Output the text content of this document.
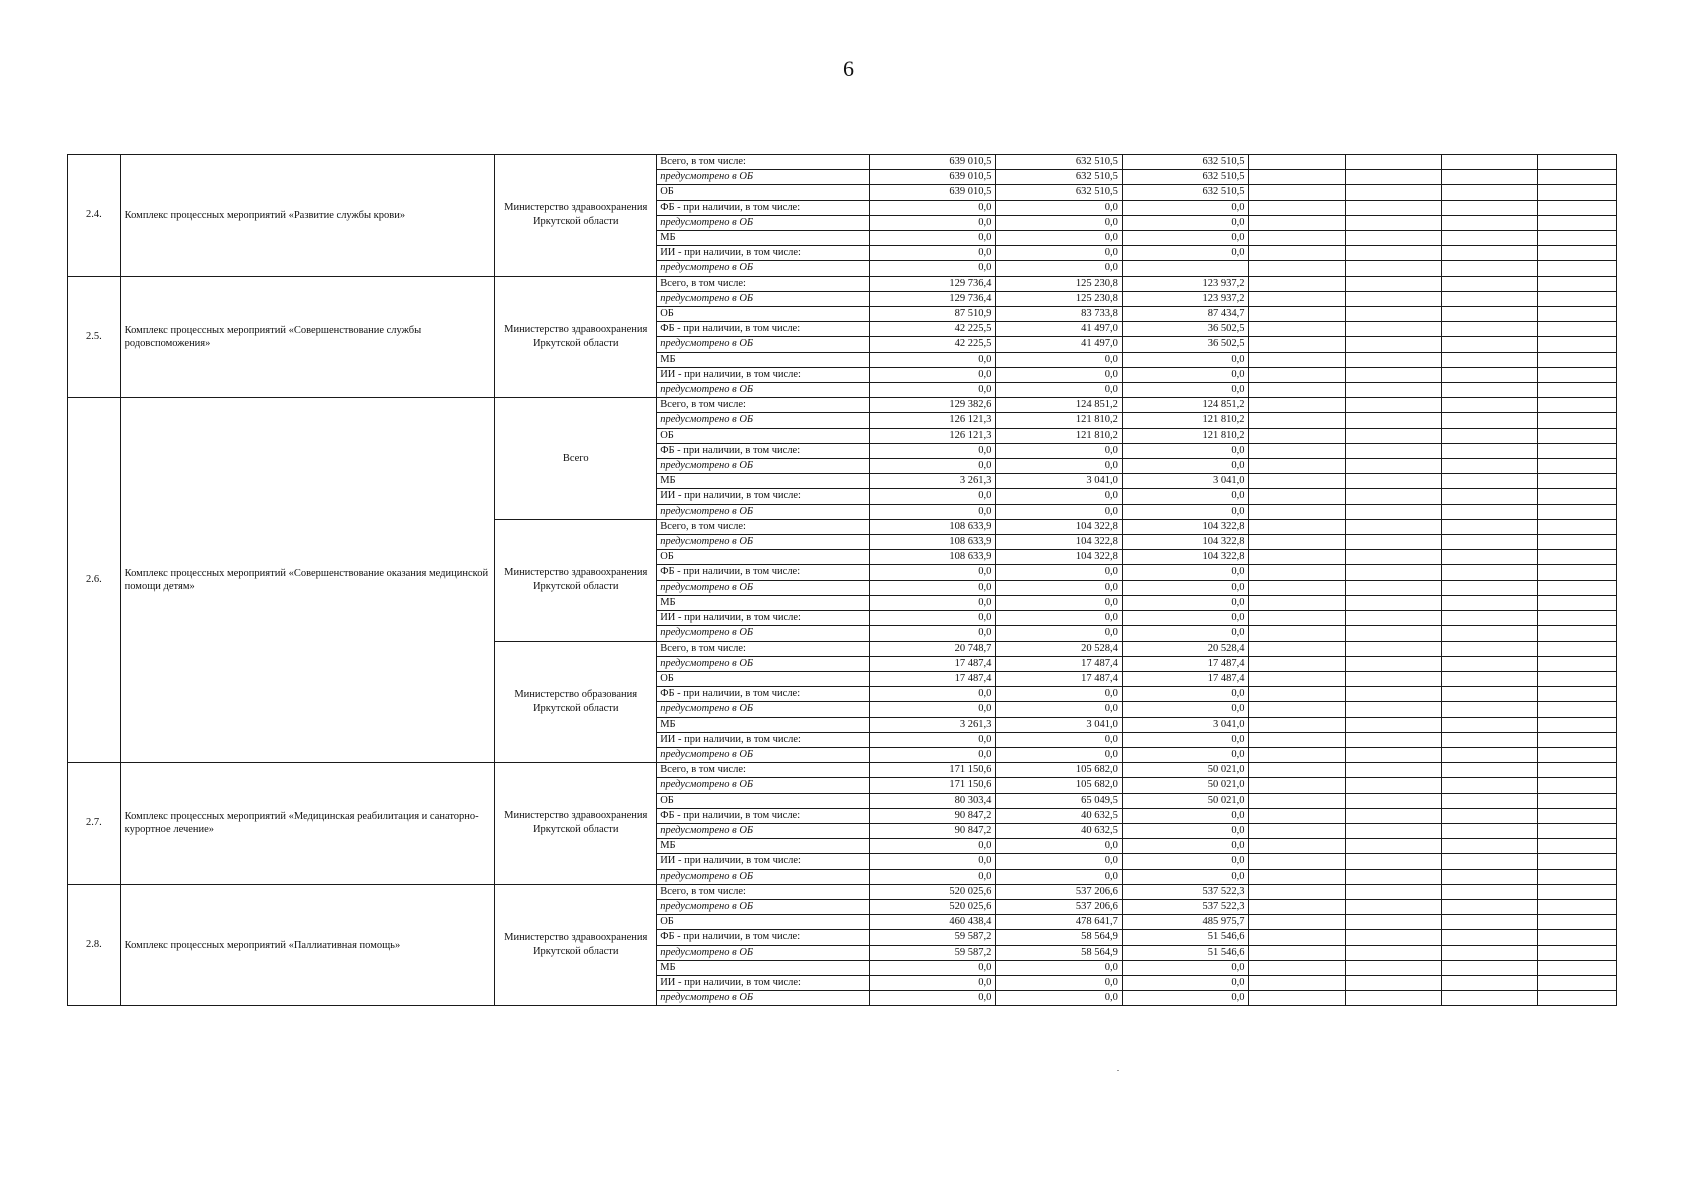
6
2.4.	Комплекс процессных мероприятий «Развитие службы крови»	Министерство здравоохранения Иркутской области	Всего, в том числе:	639 010,5	632 510,5	632 510,5				
			предусмотрено в ОБ	639 010,5	632 510,5	632 510,5				
			ОБ	639 010,5	632 510,5	632 510,5				
			ФБ - при наличии, в том числе:	0,0	0,0	0,0				
			предусмотрено в ОБ	0,0	0,0	0,0				
			МБ	0,0	0,0	0,0				
			ИИ - при наличии, в том числе:	0,0	0,0	0,0				
			предусмотрено в ОБ	0,0	0,0					
2.5.	Комплекс процессных мероприятий «Совершенствование службы родовспоможения»	Министерство здравоохранения Иркутской области	Всего, в том числе:	129 736,4	125 230,8	123 937,2				
			предусмотрено в ОБ	129 736,4	125 230,8	123 937,2				
			ОБ	87 510,9	83 733,8	87 434,7				
			ФБ - при наличии, в том числе:	42 225,5	41 497,0	36 502,5				
			предусмотрено в ОБ	42 225,5	41 497,0	36 502,5				
			МБ	0,0	0,0	0,0				
			ИИ - при наличии, в том числе:	0,0	0,0	0,0				
			предусмотрено в ОБ	0,0	0,0	0,0				
2.6.	Комплекс процессных мероприятий «Совершенствование оказания медицинской помощи детям»	Всего	Всего, в том числе:	129 382,6	124 851,2	124 851,2				
			предусмотрено в ОБ	126 121,3	121 810,2	121 810,2				
			ОБ	126 121,3	121 810,2	121 810,2				
			ФБ - при наличии, в том числе:	0,0	0,0	0,0				
			предусмотрено в ОБ	0,0	0,0	0,0				
			МБ	3 261,3	3 041,0	3 041,0				
			ИИ - при наличии, в том числе:	0,0	0,0	0,0				
			предусмотрено в ОБ	0,0	0,0	0,0				
		Министерство здравоохранения Иркутской области	Всего, в том числе:	108 633,9	104 322,8	104 322,8				
			предусмотрено в ОБ	108 633,9	104 322,8	104 322,8				
			ОБ	108 633,9	104 322,8	104 322,8				
			ФБ - при наличии, в том числе:	0,0	0,0	0,0				
			предусмотрено в ОБ	0,0	0,0	0,0				
			МБ	0,0	0,0	0,0				
			ИИ - при наличии, в том числе:	0,0	0,0	0,0				
			предусмотрено в ОБ	0,0	0,0	0,0				
		Министерство образования Иркутской области	Всего, в том числе:	20 748,7	20 528,4	20 528,4				
			предусмотрено в ОБ	17 487,4	17 487,4	17 487,4				
			ОБ	17 487,4	17 487,4	17 487,4				
			ФБ - при наличии, в том числе:	0,0	0,0	0,0				
			предусмотрено в ОБ	0,0	0,0	0,0				
			МБ	3 261,3	3 041,0	3 041,0				
			ИИ - при наличии, в том числе:	0,0	0,0	0,0				
			предусмотрено в ОБ	0,0	0,0	0,0				
2.7.	Комплекс процессных мероприятий «Медицинская реабилитация и санаторно-курортное лечение»	Министерство здравоохранения Иркутской области	Всего, в том числе:	171 150,6	105 682,0	50 021,0				
			предусмотрено в ОБ	171 150,6	105 682,0	50 021,0				
			ОБ	80 303,4	65 049,5	50 021,0				
			ФБ - при наличии, в том числе:	90 847,2	40 632,5	0,0				
			предусмотрено в ОБ	90 847,2	40 632,5	0,0				
			МБ	0,0	0,0	0,0				
			ИИ - при наличии, в том числе:	0,0	0,0	0,0				
			предусмотрено в ОБ	0,0	0,0	0,0				
2.8.	Комплекс процессных мероприятий «Паллиативная помощь»	Министерство здравоохранения Иркутской области	Всего, в том числе:	520 025,6	537 206,6	537 522,3				
			предусмотрено в ОБ	520 025,6	537 206,6	537 522,3				
			ОБ	460 438,4	478 641,7	485 975,7				
			ФБ - при наличии, в том числе:	59 587,2	58 564,9	51 546,6				
			предусмотрено в ОБ	59 587,2	58 564,9	51 546,6				
			МБ	0,0	0,0	0,0				
			ИИ - при наличии, в том числе:	0,0	0,0	0,0				
			предусмотрено в ОБ	0,0	0,0	0,0				
